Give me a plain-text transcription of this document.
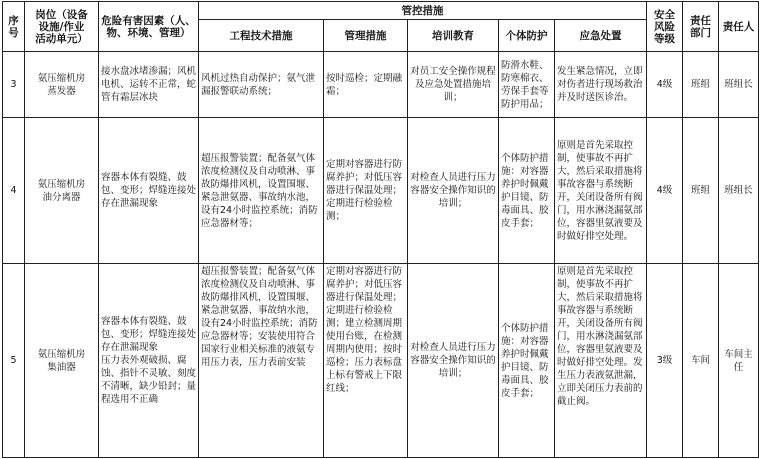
序
号	岗位（设备
设施/作业
活动单元）	危险有害因素（人、
物、环境、管理）	管控措施					安全
风险
等级	责任
部门	责任人
			工程技术措施	管理措施	培训教育	个体防护	应急处置			
3	氨压缩机房
蒸发器	接水盘冰堵渗漏；风机电机、运转不正常，蛇管有霜层冰块	风机过热自动保护；氨气泄漏报警联动系统；	按时巡检；定期融霜；	对员工安全操作规程及应急处置措施培训；	防滑水鞋、防寒棉衣、劳保手套等防护用品；	发生紧急情况，立即对伤者进行现场救治并及时送医诊治。	4级	班组	班组长
4	氨压缩机房
油分离器	容器本体有裂缝、鼓包、变形；焊缝连接处存在泄漏现象	超压报警装置；配备氨气体浓度检测仪及自动喷淋、事故防爆排风机，设置围堰、紧急泄氨器、事故纳水池，设有24小时监控系统；消防应急器材等；	定期对容器进行防腐养护；对低压容器进行保温处理；定期进行检验检测；	对检查人员进行压力容器安全操作知识的培训；	个体防护措施：对容器养护时佩戴护目镜、防毒面具、胶皮手套；	原则是首先采取控制，使事故不再扩大，然后采取措施将事故容器与系统断开，关闭设备所有阀门，用水淋浇漏氨部位，容器里氨液要及时做好排空处理。	4级	班组	班组长
5	氨压缩机房
集油器	容器本体有裂缝、鼓包、变形；焊缝连接处存在泄漏现象
压力表外观破损、腐蚀、指针不灵敏、刻度不清晰，缺少铅封；量程选用不正确	超压报警装置；配备氨气体浓度检测仪及自动喷淋、事故防爆排风机，设置围堰、紧急泄氨器、事故纳水池，设有24小时监控系统；消防应急器材等；安装使用符合国家行业相关标准的液氨专用压力表，压力表前安装	定期对容器进行防腐养护；对低压容器进行保温处理；定期进行检验检测；建立检测周期使用台账，在检测周期内使用；按时巡检；压力表标盘上标有警戒上下限红线；	对检查人员进行压力容器安全操作知识的培训；	个体防护措施：对容器养护时佩戴护目镜、防毒面具、胶皮手套；	原则是首先采取控制，使事故不再扩大，然后采取措施将事故容器与系统断开，关闭设备所有阀门，用水淋浇漏氨部位，容器里氨液要及时做好排空处理。发生压力表液氨泄漏，立即关闭压力表前的截止阀。	3级	车间	车间主任
